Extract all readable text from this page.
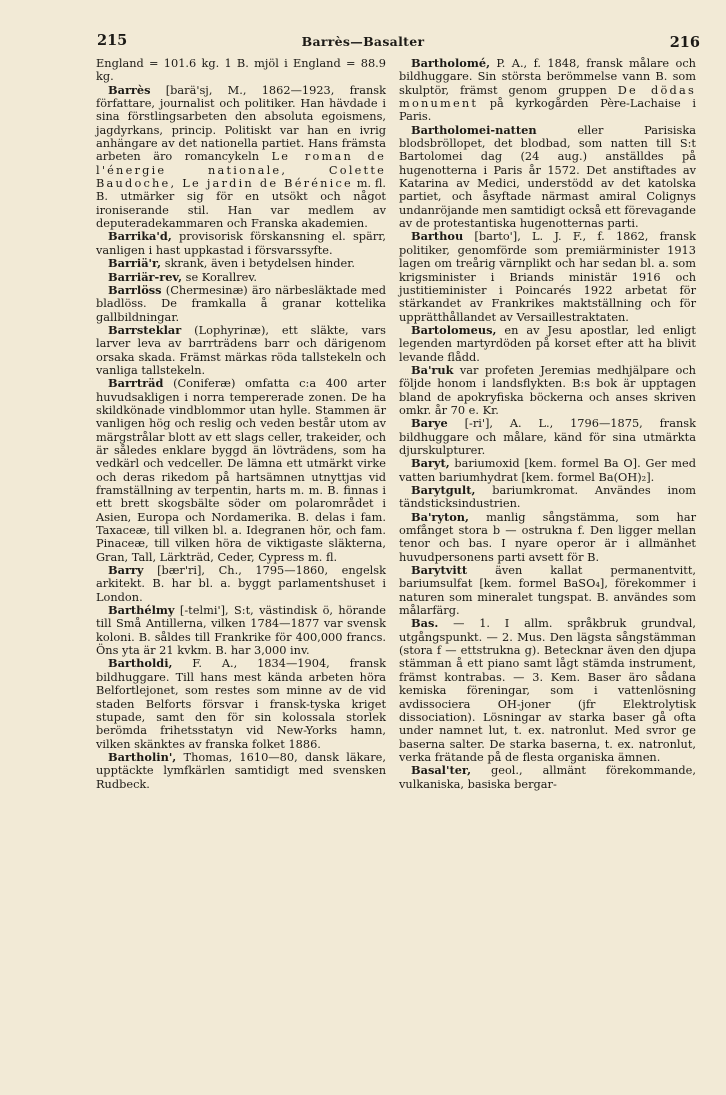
215	Barrès—Basalter	216

England = 101.6 kg. 1 B. mjöl i England = 88.9 kg.

Barrès [barä'sj, M., 1862—1923, fransk författare, journalist och politiker. Han hävdade i sina förstlingsarbeten den absoluta egoismens, jagdyrkans, princip. Politiskt var han en ivrig anhängare av det nationella partiet. Hans främsta arbeten äro romancykeln Le roman de l'énergie nationale, Colette Baudoche, Le jardin de Bérénice m. fl. B. utmärker sig för en utsökt och något ironiserande stil. Han var medlem av deputeradekammaren och Franska akademien.

Barrika'd, provisorisk förskansning el. spärr, vanligen i hast uppkastad i försvarssyfte.

Barriä'r, skrank, även i betydelsen hinder.

Barriär-rev, se Korallrev.

Barrlöss (Chermesinæ) äro närbesläktade med bladlöss. De framkalla å granar kottelika gallbildningar.

Barrsteklar (Lophyrinæ), ett släkte, vars larver leva av barrträdens barr och därigenom orsaka skada. Främst märkas röda tallstekeln och vanliga tallstekeln.

Barrträd (Coniferæ) omfatta c:a 400 arter huvudsakligen i norra tempererade zonen. De ha skildkönade vindblommor utan hylle. Stammen är vanligen hög och reslig och veden består utom av märgstrålar blott av ett slags celler, trakeider, och är således enklare byggd än lövträdens, som ha vedkärl och vedceller. De lämna ett utmärkt virke och deras rikedom på hartsämnen utnyttjas vid framställning av terpentin, harts m. m. B. finnas i ett brett skogsbälte söder om polarområdet i Asien, Europa och Nordamerika. B. delas i fam. Taxaceæ, till vilken bl. a. Idegranen hör, och fam. Pinaceæ, till vilken höra de viktigaste släkterna, Gran, Tall, Lärkträd, Ceder, Cypress m. fl.

Barry [bær'ri], Ch., 1795—1860, engelsk arkitekt. B. har bl. a. byggt parlamentshuset i London.

Barthélmy [-telmi'], S:t, västindisk ö, hörande till Små Antillerna, vilken 1784—1877 var svensk koloni. B. såldes till Frankrike för 400,000 francs. Öns yta är 21 kvkm. B. har 3,000 inv.

Bartholdi, F. A., 1834—1904, fransk bildhuggare. Till hans mest kända arbeten höra Belfortlejonet, som restes som minne av de vid staden Belforts försvar i fransk-tyska kriget stupade, samt den för sin kolossala storlek berömda frihetsstatyn vid New-Yorks hamn, vilken skänktes av franska folket 1886.

Bartholin', Thomas, 1610—80, dansk läkare, upptäckte lymfkärlen samtidigt med svensken Rudbeck.

Bartholomé, P. A., f. 1848, fransk målare och bildhuggare. Sin största berömmelse vann B. som skulptör, främst genom gruppen De dödas monument på kyrkogården Père-Lachaise i Paris.

Bartholomei-natten eller Parisiska blodsbröllopet, det blodbad, som natten till S:t Bartolomei dag (24 aug.) anställdes på hugenotterna i Paris år 1572. Det anstiftades av Katarina av Medici, understödd av det katolska partiet, och åsyftade närmast amiral Colignys undanröjande men samtidigt också ett förevagande av de protestantiska hugenotternas parti.

Barthou [barto'], L. J. F., f. 1862, fransk politiker, genomförde som premiärminister 1913 lagen om treårig värnplikt och har sedan bl. a. som krigsminister i Briands ministär 1916 och justitieminister i Poincarés 1922 arbetat för stärkandet av Frankrikes maktställning och för upprätthållandet av Versaillestraktaten.

Bartolomeus, en av Jesu apostlar, led enligt legenden martyrdöden på korset efter att ha blivit levande flådd.

Ba'ruk var profeten Jeremias medhjälpare och följde honom i landsflykten. B:s bok är upptagen bland de apokryfiska böckerna och anses skriven omkr. år 70 e. Kr.

Barye [-ri'], A. L., 1796—1875, fransk bildhuggare och målare, känd för sina utmärkta djurskulpturer.

Baryt, bariumoxid [kem. formel Ba O]. Ger med vatten bariumhydrat [kem. formel Ba(OH)₂].

Barytgult, bariumkromat. Användes inom tändsticksindustrien.

Ba'ryton, manlig sångstämma, som har omfånget stora b — ostrukna f. Den ligger mellan tenor och bas. I nyare operor är i allmänhet huvudpersonens parti avsett för B.

Barytvitt även kallat permanentvitt, bariumsulfat [kem. formel BaSO₄], förekommer i naturen som mineralet tungspat. B. användes som målarfärg.

Bas. — 1. I allm. språkbruk grundval, utgångspunkt. — 2. Mus. Den lägsta sångstämman (stora f — ettstrukna g). Betecknar även den djupa stämman å ett piano samt lågt stämda instrument, främst kontrabas. — 3. Kem. Baser äro sådana kemiska föreningar, som i vattenlösning avdissociera OH-joner (jfr Elektrolytisk dissociation). Lösningar av starka baser gå ofta under namnet lut, t. ex. natronlut. Med svror ge baserna salter. De starka baserna, t. ex. natronlut, verka frätande på de flesta organiska ämnen.

Basal'ter, geol., allmänt förekommande, vulkaniska, basiska bergar-
